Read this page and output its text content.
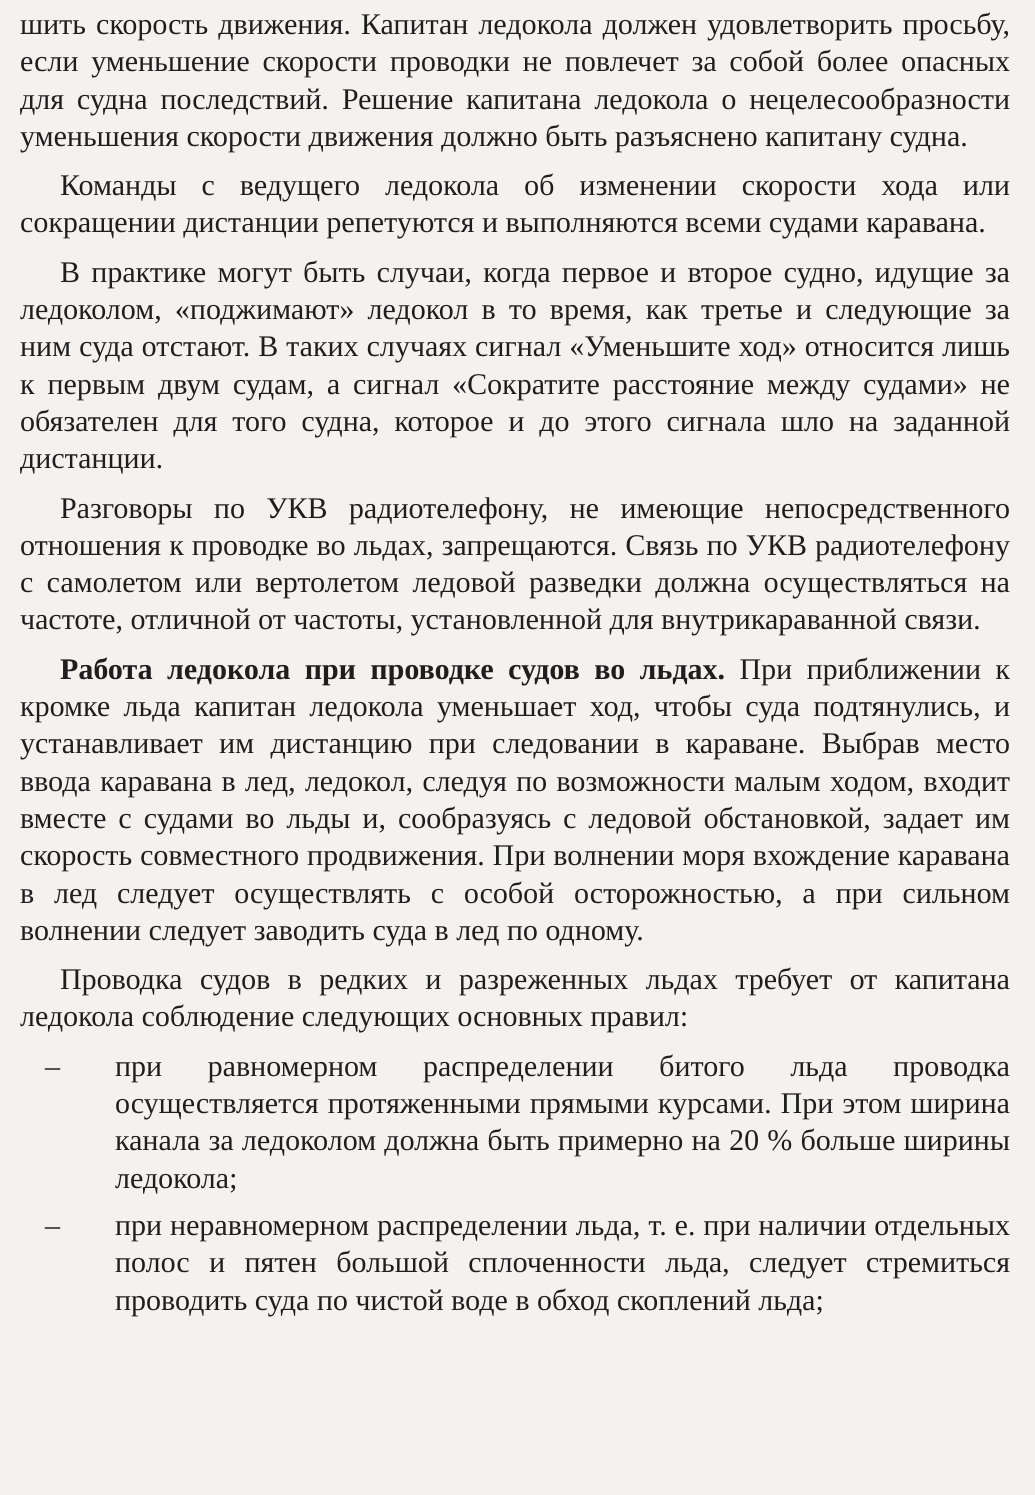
шить скорость движения. Капитан ледокола должен удовлетворить просьбу, если уменьшение скорости проводки не повлечет за собой более опасных для судна последствий. Решение капитана ледокола о нецелесообразности уменьшения скорости движения должно быть разъяснено капитану судна.

Команды с ведущего ледокола об изменении скорости хода или сокращении дистанции репетуются и выполняются всеми судами каравана.

В практике могут быть случаи, когда первое и второе судно, идущие за ледоколом, «поджимают» ледокол в то время, как третье и следующие за ним суда отстают. В таких случаях сигнал «Уменьшите ход» относится лишь к первым двум судам, а сигнал «Сократите расстояние между судами» не обязателен для того судна, которое и до этого сигнала шло на заданной дистанции.

Разговоры по УКВ радиотелефону, не имеющие непосредственного отношения к проводке во льдах, запрещаются. Связь по УКВ радиотелефону с самолетом или вертолетом ледовой разведки должна осуществляться на частоте, отличной от частоты, установленной для внутрикараванной связи.

Работа ледокола при проводке судов во льдах. При приближении к кромке льда капитан ледокола уменьшает ход, чтобы суда подтянулись, и устанавливает им дистанцию при следовании в караване. Выбрав место ввода каравана в лед, ледокол, следуя по возможности малым ходом, входит вместе с судами во льды и, сообразуясь с ледовой обстановкой, задает им скорость совместного продвижения. При волнении моря вхождение каравана в лед следует осуществлять с особой осторожностью, а при сильном волнении следует заводить суда в лед по одному.

Проводка судов в редких и разреженных льдах требует от капитана ледокола соблюдение следующих основных правил:

– при равномерном распределении битого льда проводка осуществляется протяженными прямыми курсами. При этом ширина канала за ледоколом должна быть примерно на 20 % больше ширины ледокола;
– при неравномерном распределении льда, т. е. при наличии отдельных полос и пятен большой сплоченности льда, следует стремиться проводить суда по чистой воде в обход скоплений льда;
